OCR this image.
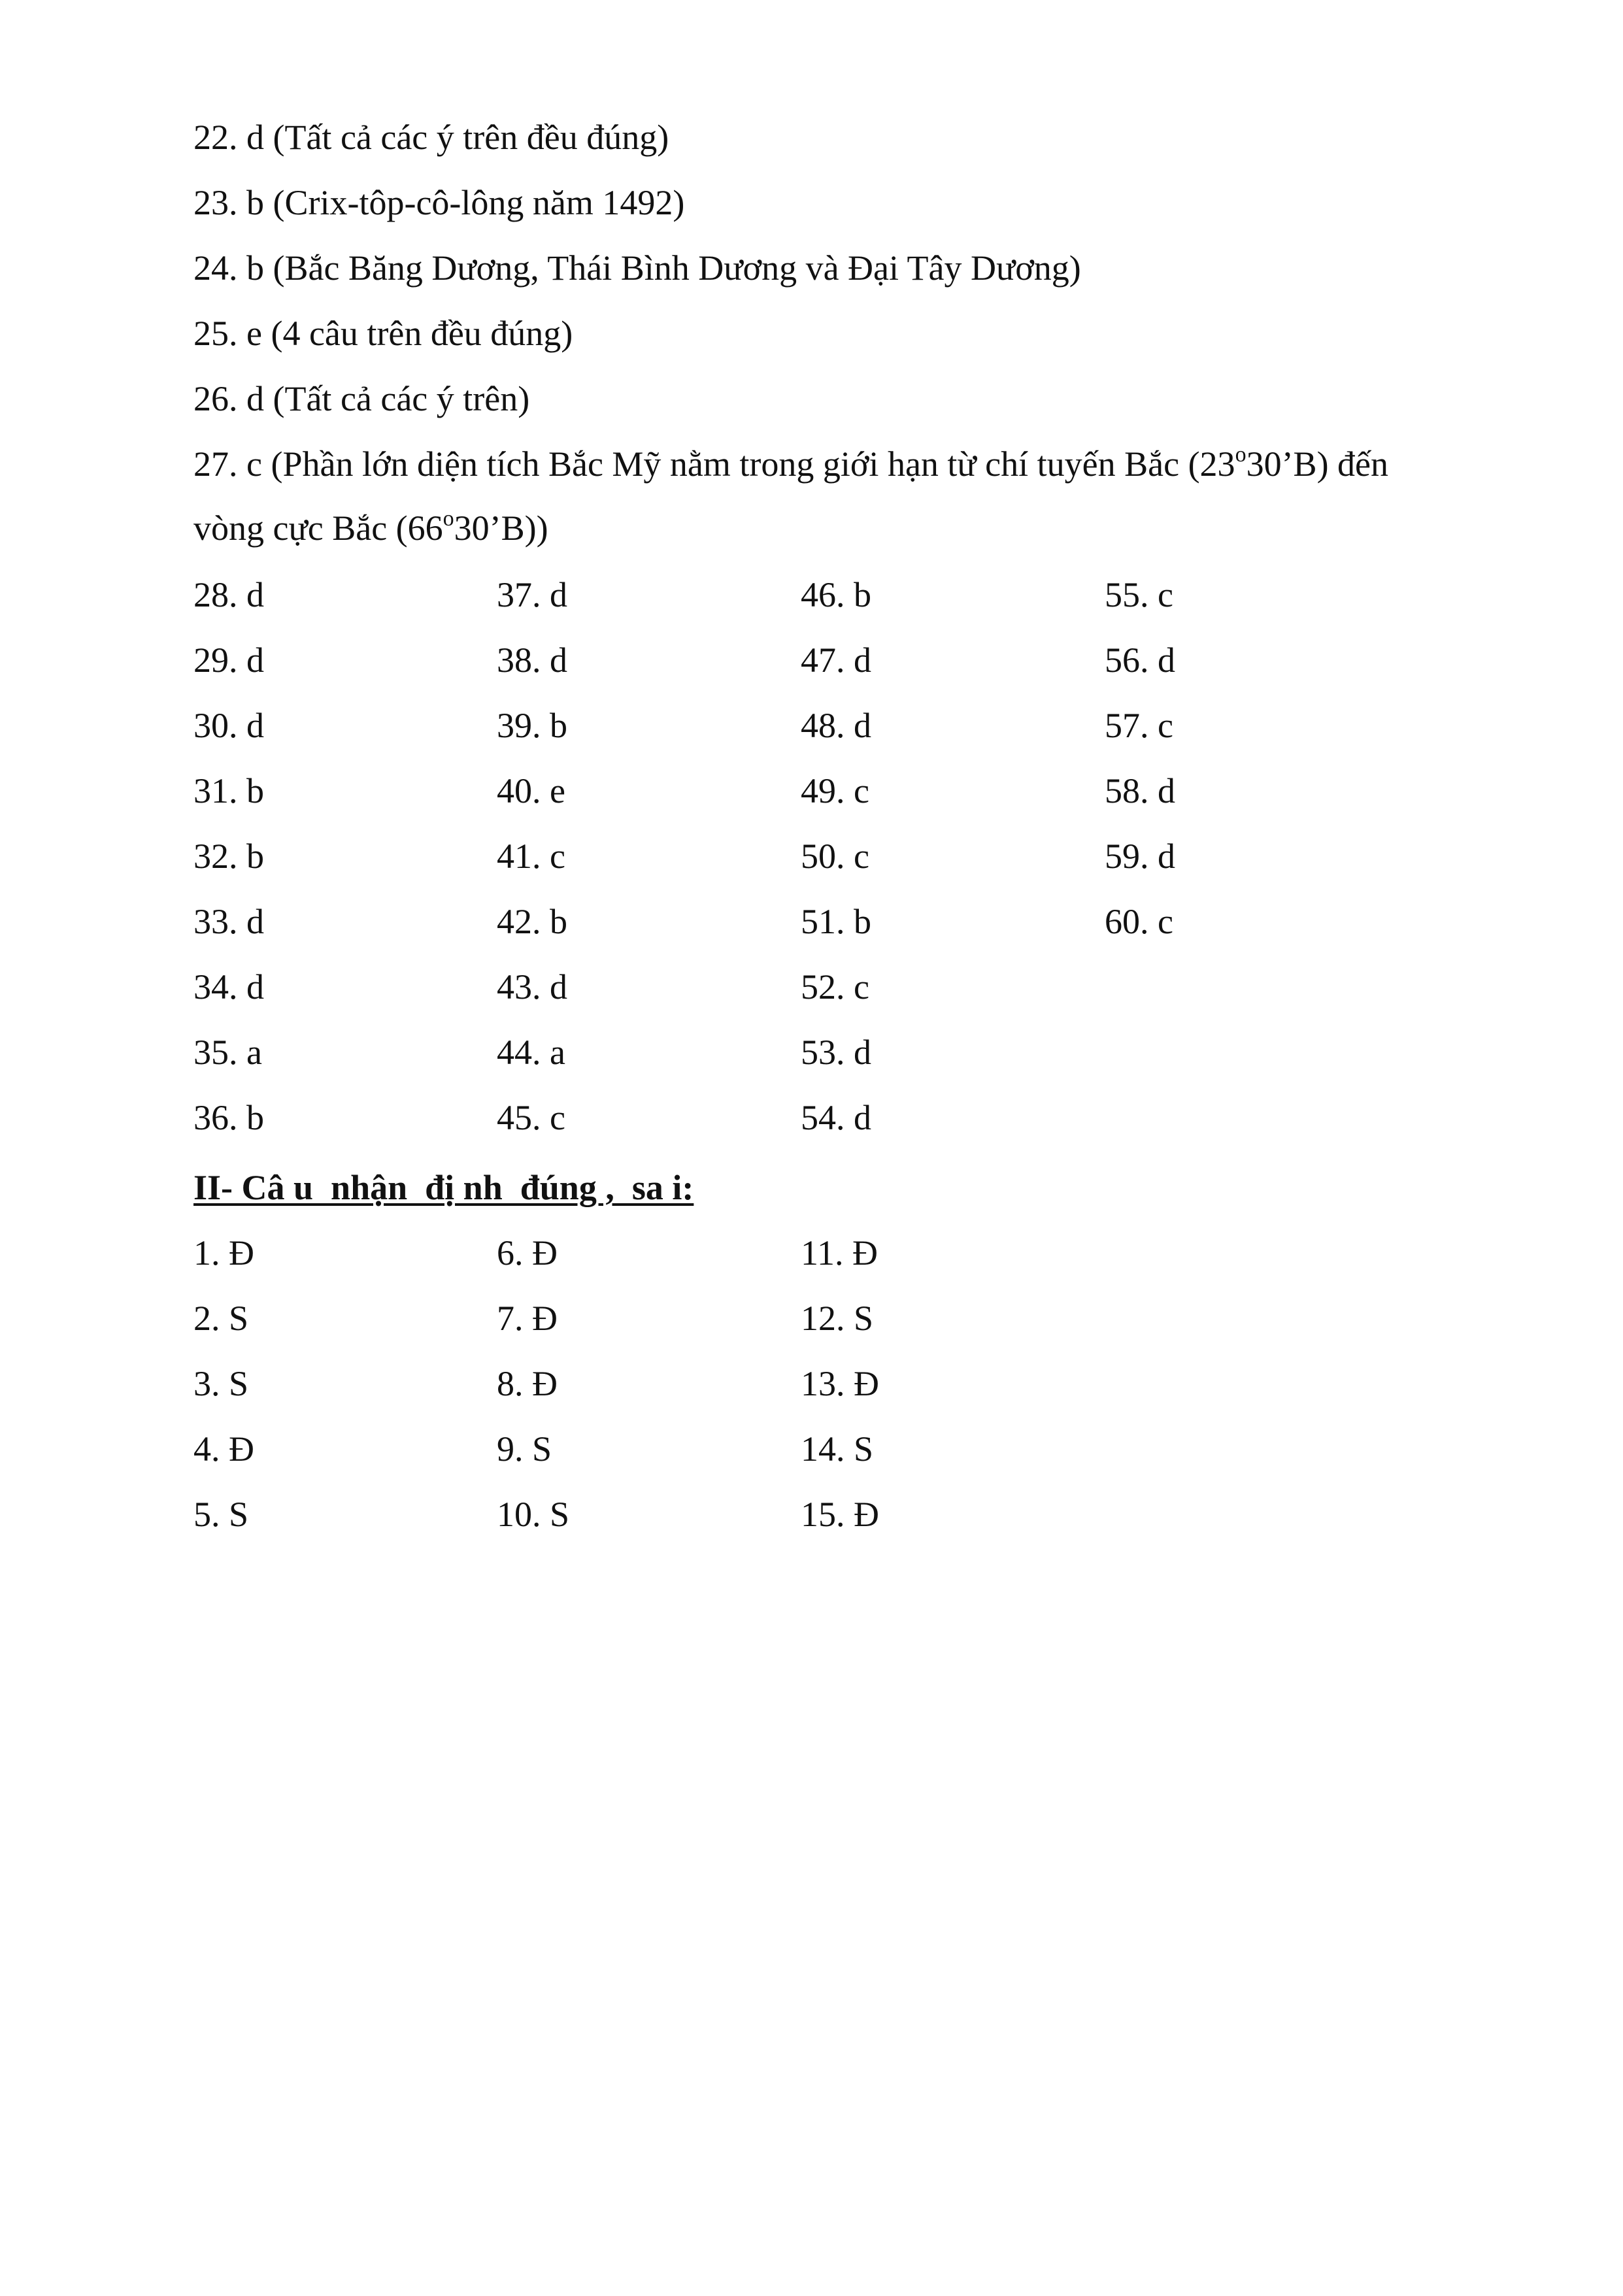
22. d (Tất cả các ý trên đều đúng)
23. b (Crix-tôp-cô-lông năm 1492)
24. b (Bắc Băng Dương, Thái Bình Dương và Đại Tây Dương)
25. e (4 câu trên đều đúng)
26. d (Tất cả các ý trên)
27. c (Phần lớn diện tích Bắc Mỹ nằm trong giới hạn từ chí tuyến Bắc (23$^o$30’B) đến
vòng cực Bắc (66$^o$30’B))
28. d
29. d
30. d
31. b
32. b
33. d
34. d
35. a
36. b
37. d
38. d
39. b
40. e
41. c
42. b
43. d
44. a
45. c
46. b
47. d
48. d
49. c
50. c
51. b
52. c
53. d
54. d
55. c
56. d
57. c
58. d
59. d
60. c
II- Câ u  nhận  đị nh  đúng ,  sa i:
1. Đ
2. S
3. S
4. Đ
5. S
6. Đ
7. Đ
8. Đ
9. S
10. S
11. Đ
12. S
13. Đ
14. S
15. Đ
